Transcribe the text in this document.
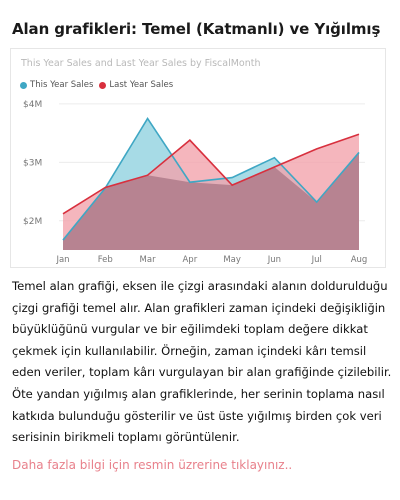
Alan grafikleri: Temel (Katmanlı) ve Yığılmış
$2M
$3M
$4M
Jan	Feb	Mar	Apr	May	Jun	Jul	Aug
This Year Sales and Last Year Sales by FiscalMonth
This Year Sales Last Year Sales
Temel alan grafiği, eksen ile çizgi arasındaki alanın doldurulduğu çizgi grafiği temel alır. Alan grafikleri zaman içindeki değişikliğin büyüklüğünü vurgular ve bir eğilimdeki toplam değere dikkat çekmek için kullanılabilir. Örneğin, zaman içindeki kârı temsil eden veriler, toplam kârı vurgulayan bir alan grafiğinde çizilebilir. Öte yandan yığılmış alan grafiklerinde, her serinin toplama nasıl katkıda bulunduğu gösterilir ve üst üste yığılmış birden çok veri serisinin birikmeli toplamı görüntülenir.
Daha fazla bilgi için resmin üzrerine tıklayınız..
